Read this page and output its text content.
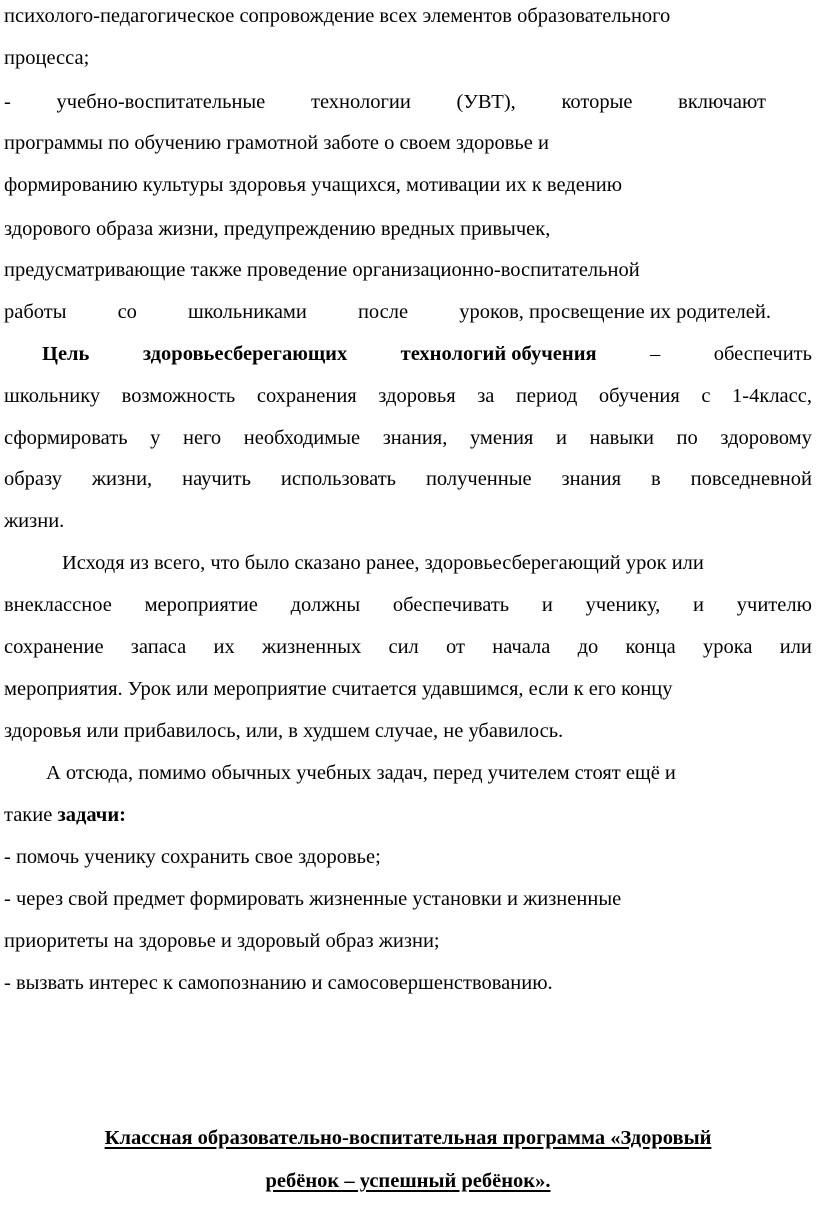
психолого-педагогическое сопровождение всех элементов образовательного
процесса;
- учебно-воспитательные технологии (УВТ), которые включают
программы по обучению грамотной заботе о своем здоровье и
формированию культуры здоровья учащихся, мотивации их к ведению
здорового образа жизни, предупреждению вредных привычек,
предусматривающие также проведение организационно-воспитательной
работы со школьниками после уроков, просвещение их родителей.
Цель	здоровьесберегающих	технологий обучения	–	обеспечить
школьнику возможность сохранения здоровья за период обучения с 1-4класс,
сформировать у него необходимые знания, умения и навыки по здоровому
образу жизни, научить использовать полученные знания в повседневной
жизни.
Исходя из всего, что было сказано ранее, здоровьесберегающий урок или
внеклассное мероприятие должны обеспечивать и ученику, и учителю
сохранение запаса их жизненных сил от начала до конца урока или
мероприятия. Урок или мероприятие считается удавшимся, если к его концу
здоровья или прибавилось, или, в худшем случае, не убавилось.
А отсюда, помимо обычных учебных задач, перед учителем стоят ещё и
такие задачи:
- помочь ученику сохранить свое здоровье;
- через свой предмет формировать жизненные установки и жизненные
приоритеты на здоровье и здоровый образ жизни;
- вызвать интерес к самопознанию и самосовершенствованию.
Классная образовательно-воспитательная программа «Здоровый
ребёнок – успешный ребёнок».
